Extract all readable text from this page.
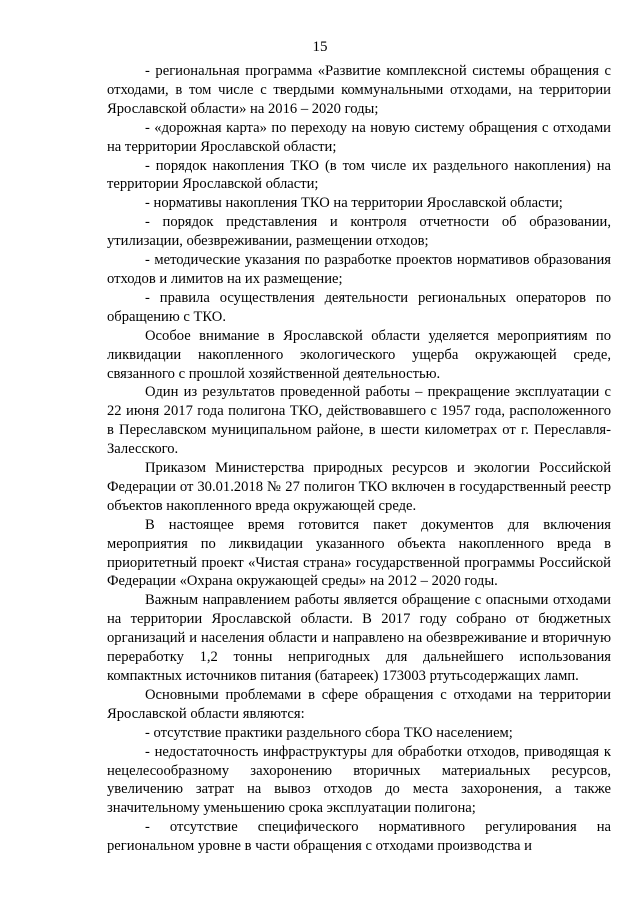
15

- региональная программа «Развитие комплексной системы обращения с отходами, в том числе с твердыми коммунальными отходами, на территории Ярославской области» на 2016 – 2020 годы;

- «дорожная карта» по переходу на новую систему обращения с отходами на территории Ярославской области;

- порядок накопления ТКО (в том числе их раздельного накопления) на территории Ярославской области;

- нормативы накопления ТКО на территории Ярославской области;

- порядок представления и контроля отчетности об образовании, утилизации, обезвреживании, размещении отходов;

- методические указания по разработке проектов нормативов образования отходов и лимитов на их размещение;

- правила осуществления деятельности региональных операторов по обращению с ТКО.

Особое внимание в Ярославской области уделяется мероприятиям по ликвидации накопленного экологического ущерба окружающей среде, связанного с прошлой хозяйственной деятельностью.

Один из результатов проведенной работы – прекращение эксплуатации с 22 июня 2017 года полигона ТКО, действовавшего с 1957 года, расположенного в Переславском муниципальном районе, в шести километрах от г. Переславля-Залесского.

Приказом Министерства природных ресурсов и экологии Российской Федерации от 30.01.2018 № 27 полигон ТКО включен в государственный реестр объектов накопленного вреда окружающей среде.

В настоящее время готовится пакет документов для включения мероприятия по ликвидации указанного объекта накопленного вреда в приоритетный проект «Чистая страна» государственной программы Российской Федерации «Охрана окружающей среды» на 2012 – 2020 годы.

Важным направлением работы является обращение с опасными отходами на территории Ярославской области. В 2017 году собрано от бюджетных организаций и населения области и направлено на обезвреживание и вторичную переработку 1,2 тонны непригодных для дальнейшего использования компактных источников питания (батареек) 173003 ртутьсодержащих ламп.

Основными проблемами в сфере обращения с отходами на территории Ярославской области являются:

- отсутствие практики раздельного сбора ТКО населением;

- недостаточность инфраструктуры для обработки отходов, приводящая к нецелесообразному захоронению вторичных материальных ресурсов, увеличению затрат на вывоз отходов до места захоронения, а также значительному уменьшению срока эксплуатации полигона;

- отсутствие специфического нормативного регулирования на региональном уровне в части обращения с отходами производства и
